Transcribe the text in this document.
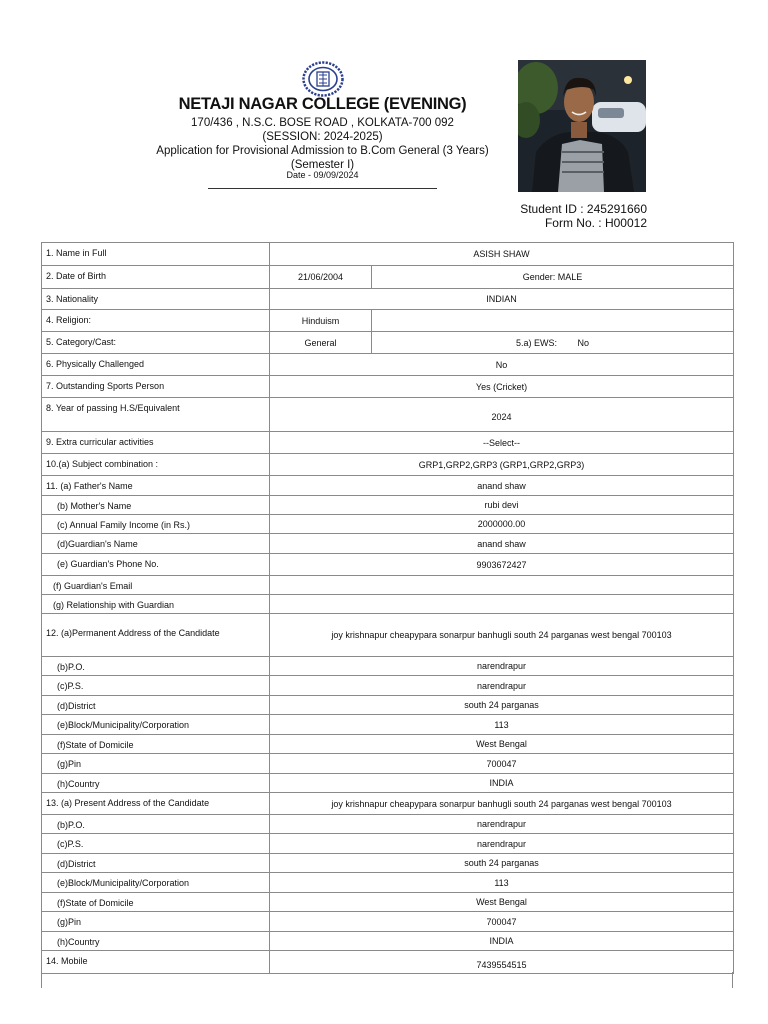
NETAJI NAGAR COLLEGE (EVENING)
170/436 , N.S.C. BOSE ROAD , KOLKATA-700 092
(SESSION: 2024-2025)
Application for Provisional Admission to B.Com General (3 Years)
(Semester I)
Date - 09/09/2024
Student ID : 245291660
Form No. : H00012
1. Name in Full	ASISH SHAW	
2. Date of Birth	21/06/2004	Gender: MALE
3. Nationality	INDIAN	
4. Religion:	Hinduism	
5. Category/Cast:	General	5.a) EWS: No
6. Physically Challenged	No	
7. Outstanding Sports Person	Yes (Cricket)	
8. Year of passing H.S/Equivalent	2024	
9. Extra curricular activities	--Select--	
10.(a) Subject combination :	GRP1,GRP2,GRP3 (GRP1,GRP2,GRP3)	
11. (a) Father's Name	anand shaw	
(b) Mother's Name	rubi devi	
(c) Annual Family Income (in Rs.)	2000000.00	
(d)Guardian's Name	anand shaw	
(e) Guardian's Phone No.	9903672427	
(f) Guardian's Email		
(g) Relationship with Guardian		
12. (a)Permanent Address of the Candidate	joy krishnapur cheapypara sonarpur banhugli south 24 parganas west bengal 700103	
(b)P.O.	narendrapur	
(c)P.S.	narendrapur	
(d)District	south 24 parganas	
(e)Block/Municipality/Corporation	113	
(f)State of Domicile	West Bengal	
(g)Pin	700047	
(h)Country	INDIA	
13. (a) Present Address of the Candidate	joy krishnapur cheapypara sonarpur banhugli south 24 parganas west bengal 700103	
(b)P.O.	narendrapur	
(c)P.S.	narendrapur	
(d)District	south 24 parganas	
(e)Block/Municipality/Corporation	113	
(f)State of Domicile	West Bengal	
(g)Pin	700047	
(h)Country	INDIA	
14. Mobile	7439554515	
